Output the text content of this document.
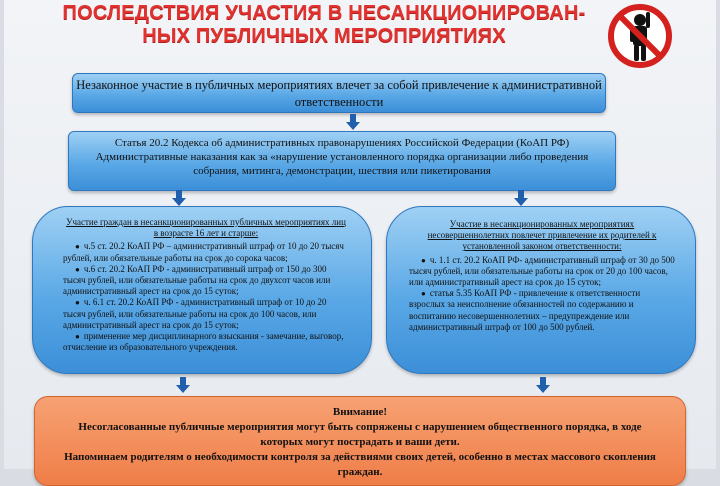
ПОСЛЕДСТВИЯ УЧАСТИЯ В НЕСАНКЦИОНИРОВАН-
НЫХ ПУБЛИЧНЫХ МЕРОПРИЯТИЯХ
Незаконное участие в публичных мероприятиях влечет за собой привлечение к административной ответственности
Статья 20.2 Кодекса об административных правонарушениях Российской Федерации (КоАП РФ)
Административные наказания как за «нарушение установленного порядка организации либо проведения собрания, митинга, демонстрации, шествия или пикетирования
Участие граждан в несанкционированных публичных мероприятиях лиц в возрасте 16 лет и старше:
● ч.5 ст. 20.2 КоАП РФ – административный штраф от 10 до 20 тысяч рублей, или обязательные работы на срок до сорока часов;
● ч.6 ст. 20.2 КоАП РФ - административный штраф от 150 до 300 тысяч рублей, или обязательные работы на срок до двухсот часов или административный арест на срок до 15 суток;
● ч. 6.1 ст. 20.2 КоАП РФ - административный штраф от 10 до 20 тысяч рублей, или обязательные работы на срок до 100 часов, или административный арест на срок до 15 суток;
● применение мер дисциплинарного взыскания - замечание, выговор, отчисление из образовательного учреждения.
Участие в несанкционированных мероприятиях несовершеннолетних повлечет привлечение их родителей к установленной законом ответственности:
● ч. 1.1 ст. 20.2 КоАП РФ- административный штраф от 30 до 500 тысяч рублей, или обязательные работы на срок от 20 до 100 часов, или административный арест на срок до 15 суток;
● статья 5.35 КоАП РФ - привлечение к ответственности взрослых за неисполнение обязанностей по содержанию и воспитанию несовершеннолетних – предупреждение или административный штраф от 100 до 500 рублей.
Внимание!
Несогласованные публичные мероприятия могут быть сопряжены с нарушением общественного порядка, в ходе которых могут пострадать и ваши дети.
Напоминаем родителям о необходимости контроля за действиями своих детей, особенно в местах массового скопления граждан.
